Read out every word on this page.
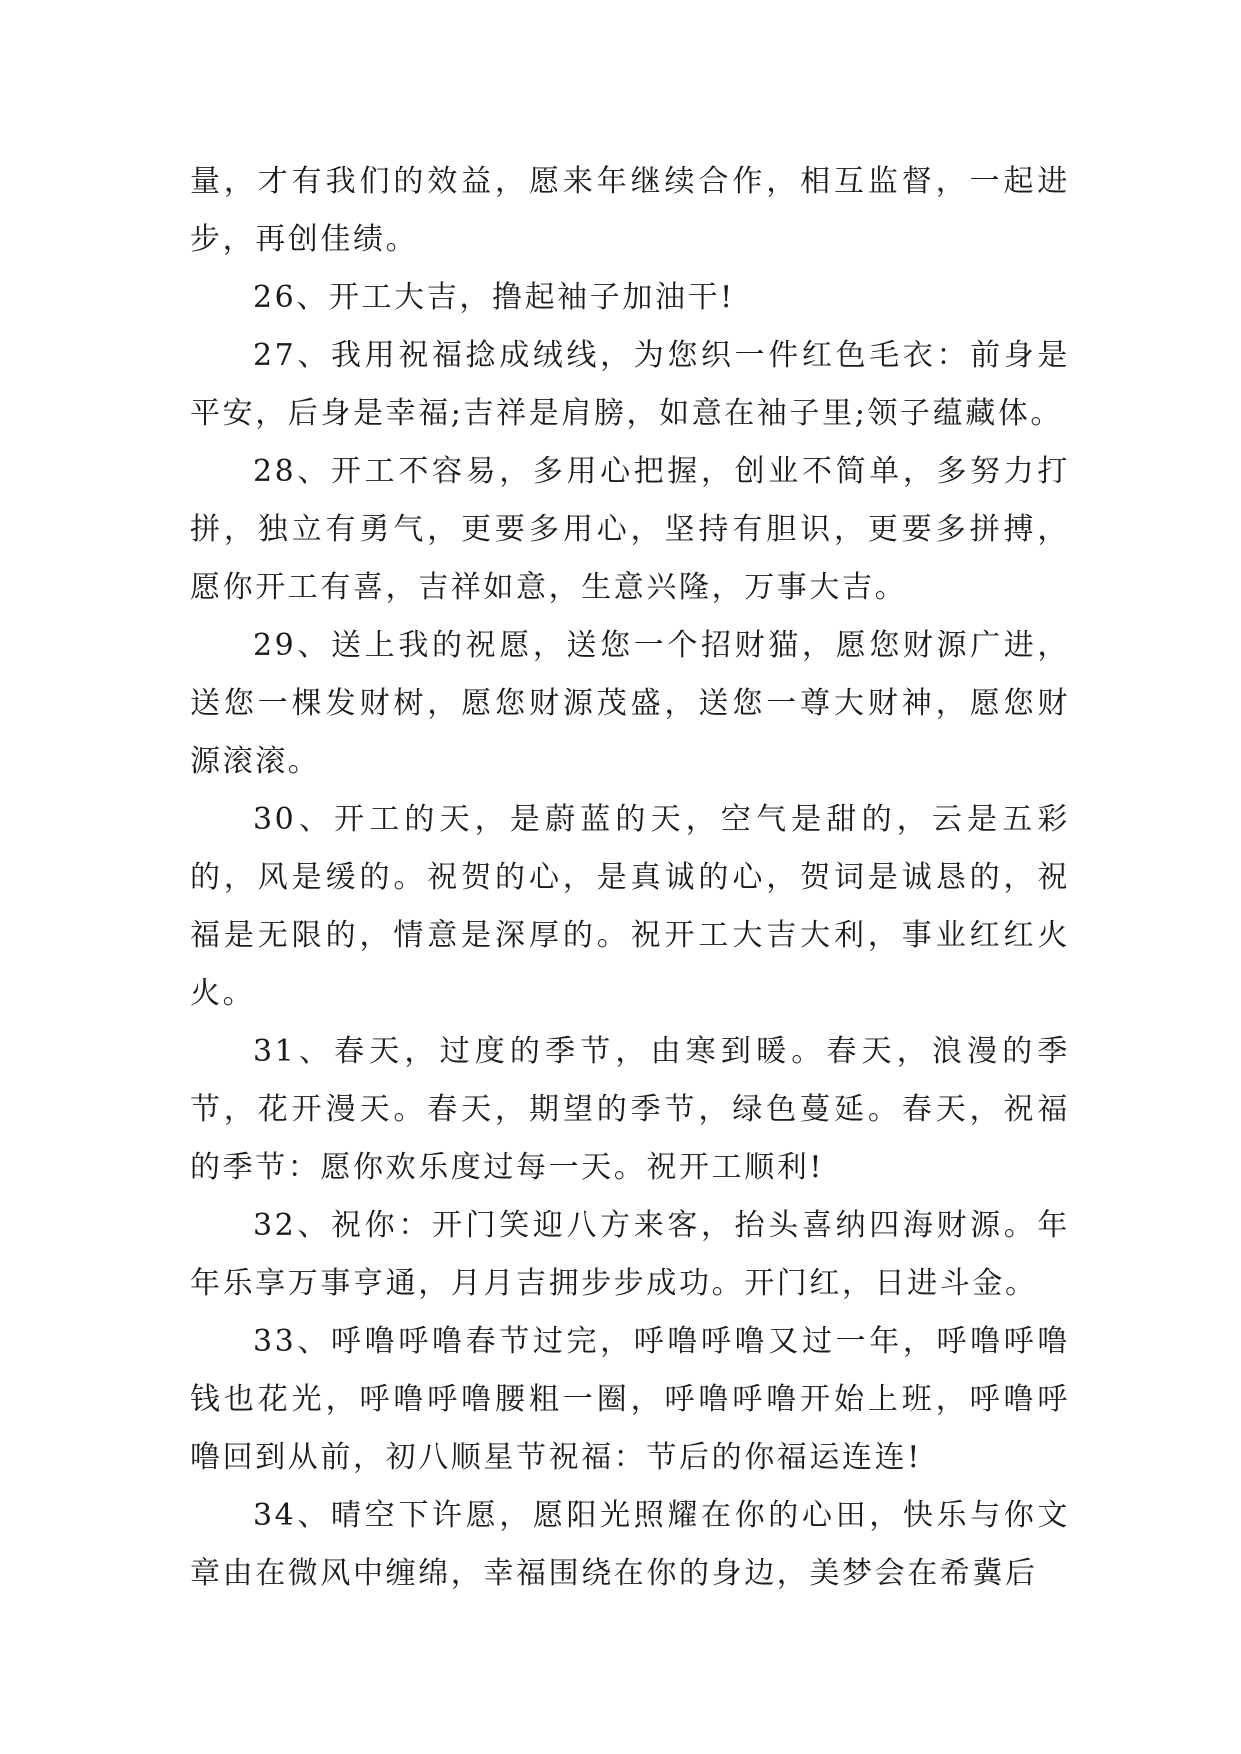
量，才有我们的效益，愿来年继续合作，相互监督，一起进步，再创佳绩。

26、开工大吉，撸起袖子加油干!

27、我用祝福捻成绒线，为您织一件红色毛衣：前身是平安，后身是幸福;吉祥是肩膀，如意在袖子里;领子蕴藏体。

28、开工不容易，多用心把握，创业不简单，多努力打拼，独立有勇气，更要多用心，坚持有胆识，更要多拼搏，愿你开工有喜，吉祥如意，生意兴隆，万事大吉。

29、送上我的祝愿，送您一个招财猫，愿您财源广进，送您一棵发财树，愿您财源茂盛，送您一尊大财神，愿您财源滚滚。

30、开工的天，是蔚蓝的天，空气是甜的，云是五彩的，风是缓的。祝贺的心，是真诚的心，贺词是诚恳的，祝福是无限的，情意是深厚的。祝开工大吉大利，事业红红火火。

31、春天，过度的季节，由寒到暖。春天，浪漫的季节，花开漫天。春天，期望的季节，绿色蔓延。春天，祝福的季节：愿你欢乐度过每一天。祝开工顺利!

32、祝你：开门笑迎八方来客，抬头喜纳四海财源。年年乐享万事亨通，月月吉拥步步成功。开门红，日进斗金。

33、呼噜呼噜春节过完，呼噜呼噜又过一年，呼噜呼噜钱也花光，呼噜呼噜腰粗一圈，呼噜呼噜开始上班，呼噜呼噜回到从前，初八顺星节祝福：节后的你福运连连!

34、晴空下许愿，愿阳光照耀在你的心田，快乐与你文章由在微风中缠绵，幸福围绕在你的身边，美梦会在希冀后
